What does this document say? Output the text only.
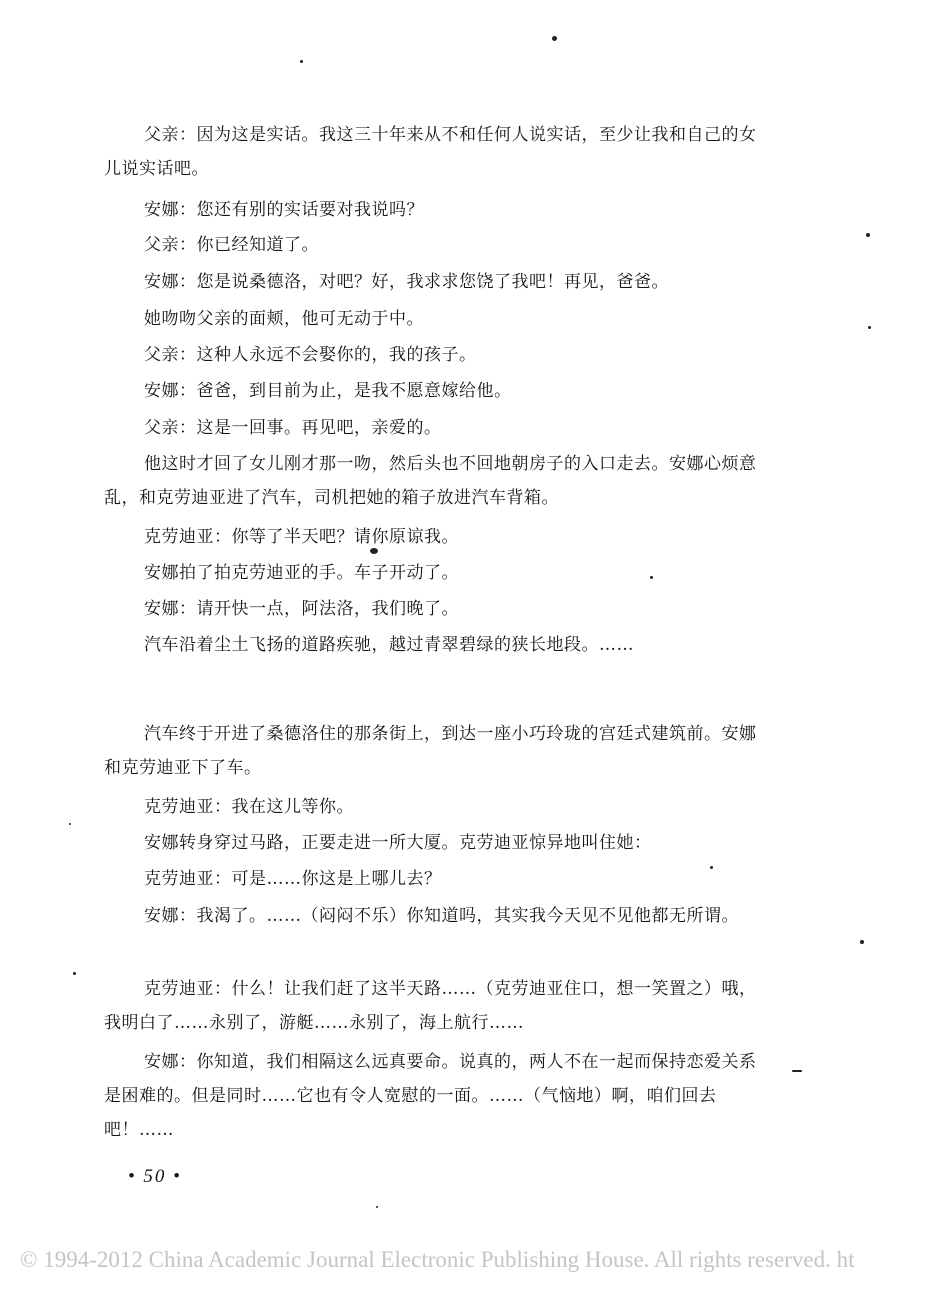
父亲：因为这是实话。我这三十年来从不和任何人说实话，至少让我和自己的女儿说实话吧。

安娜：您还有别的实话要对我说吗？

父亲：你已经知道了。

安娜：您是说桑德洛，对吧？好，我求求您饶了我吧！再见，爸爸。

她吻吻父亲的面颊，他可无动于中。

父亲：这种人永远不会娶你的，我的孩子。

安娜：爸爸，到目前为止，是我不愿意嫁给他。

父亲：这是一回事。再见吧，亲爱的。

他这时才回了女儿刚才那一吻，然后头也不回地朝房子的入口走去。安娜心烦意乱，和克劳迪亚进了汽车，司机把她的箱子放进汽车背箱。

克劳迪亚：你等了半天吧？请你原谅我。

安娜拍了拍克劳迪亚的手。车子开动了。

安娜：请开快一点，阿法洛，我们晚了。

汽车沿着尘土飞扬的道路疾驰，越过青翠碧绿的狭长地段。……

汽车终于开进了桑德洛住的那条街上，到达一座小巧玲珑的宫廷式建筑前。安娜和克劳迪亚下了车。

克劳迪亚：我在这儿等你。

安娜转身穿过马路，正要走进一所大厦。克劳迪亚惊异地叫住她：

克劳迪亚：可是……你这是上哪儿去？

安娜：我渴了。……（闷闷不乐）你知道吗，其实我今天见不见他都无所谓。

克劳迪亚：什么！让我们赶了这半天路……（克劳迪亚住口，想一笑置之）哦，我明白了……永别了，游艇……永别了，海上航行……

安娜：你知道，我们相隔这么远真要命。说真的，两人不在一起而保持恋爱关系是困难的。但是同时……它也有令人宽慰的一面。……（气恼地）啊，咱们回去吧！……

• 50 •
© 1994-2012 China Academic Journal Electronic Publishing House. All rights reserved. ht
